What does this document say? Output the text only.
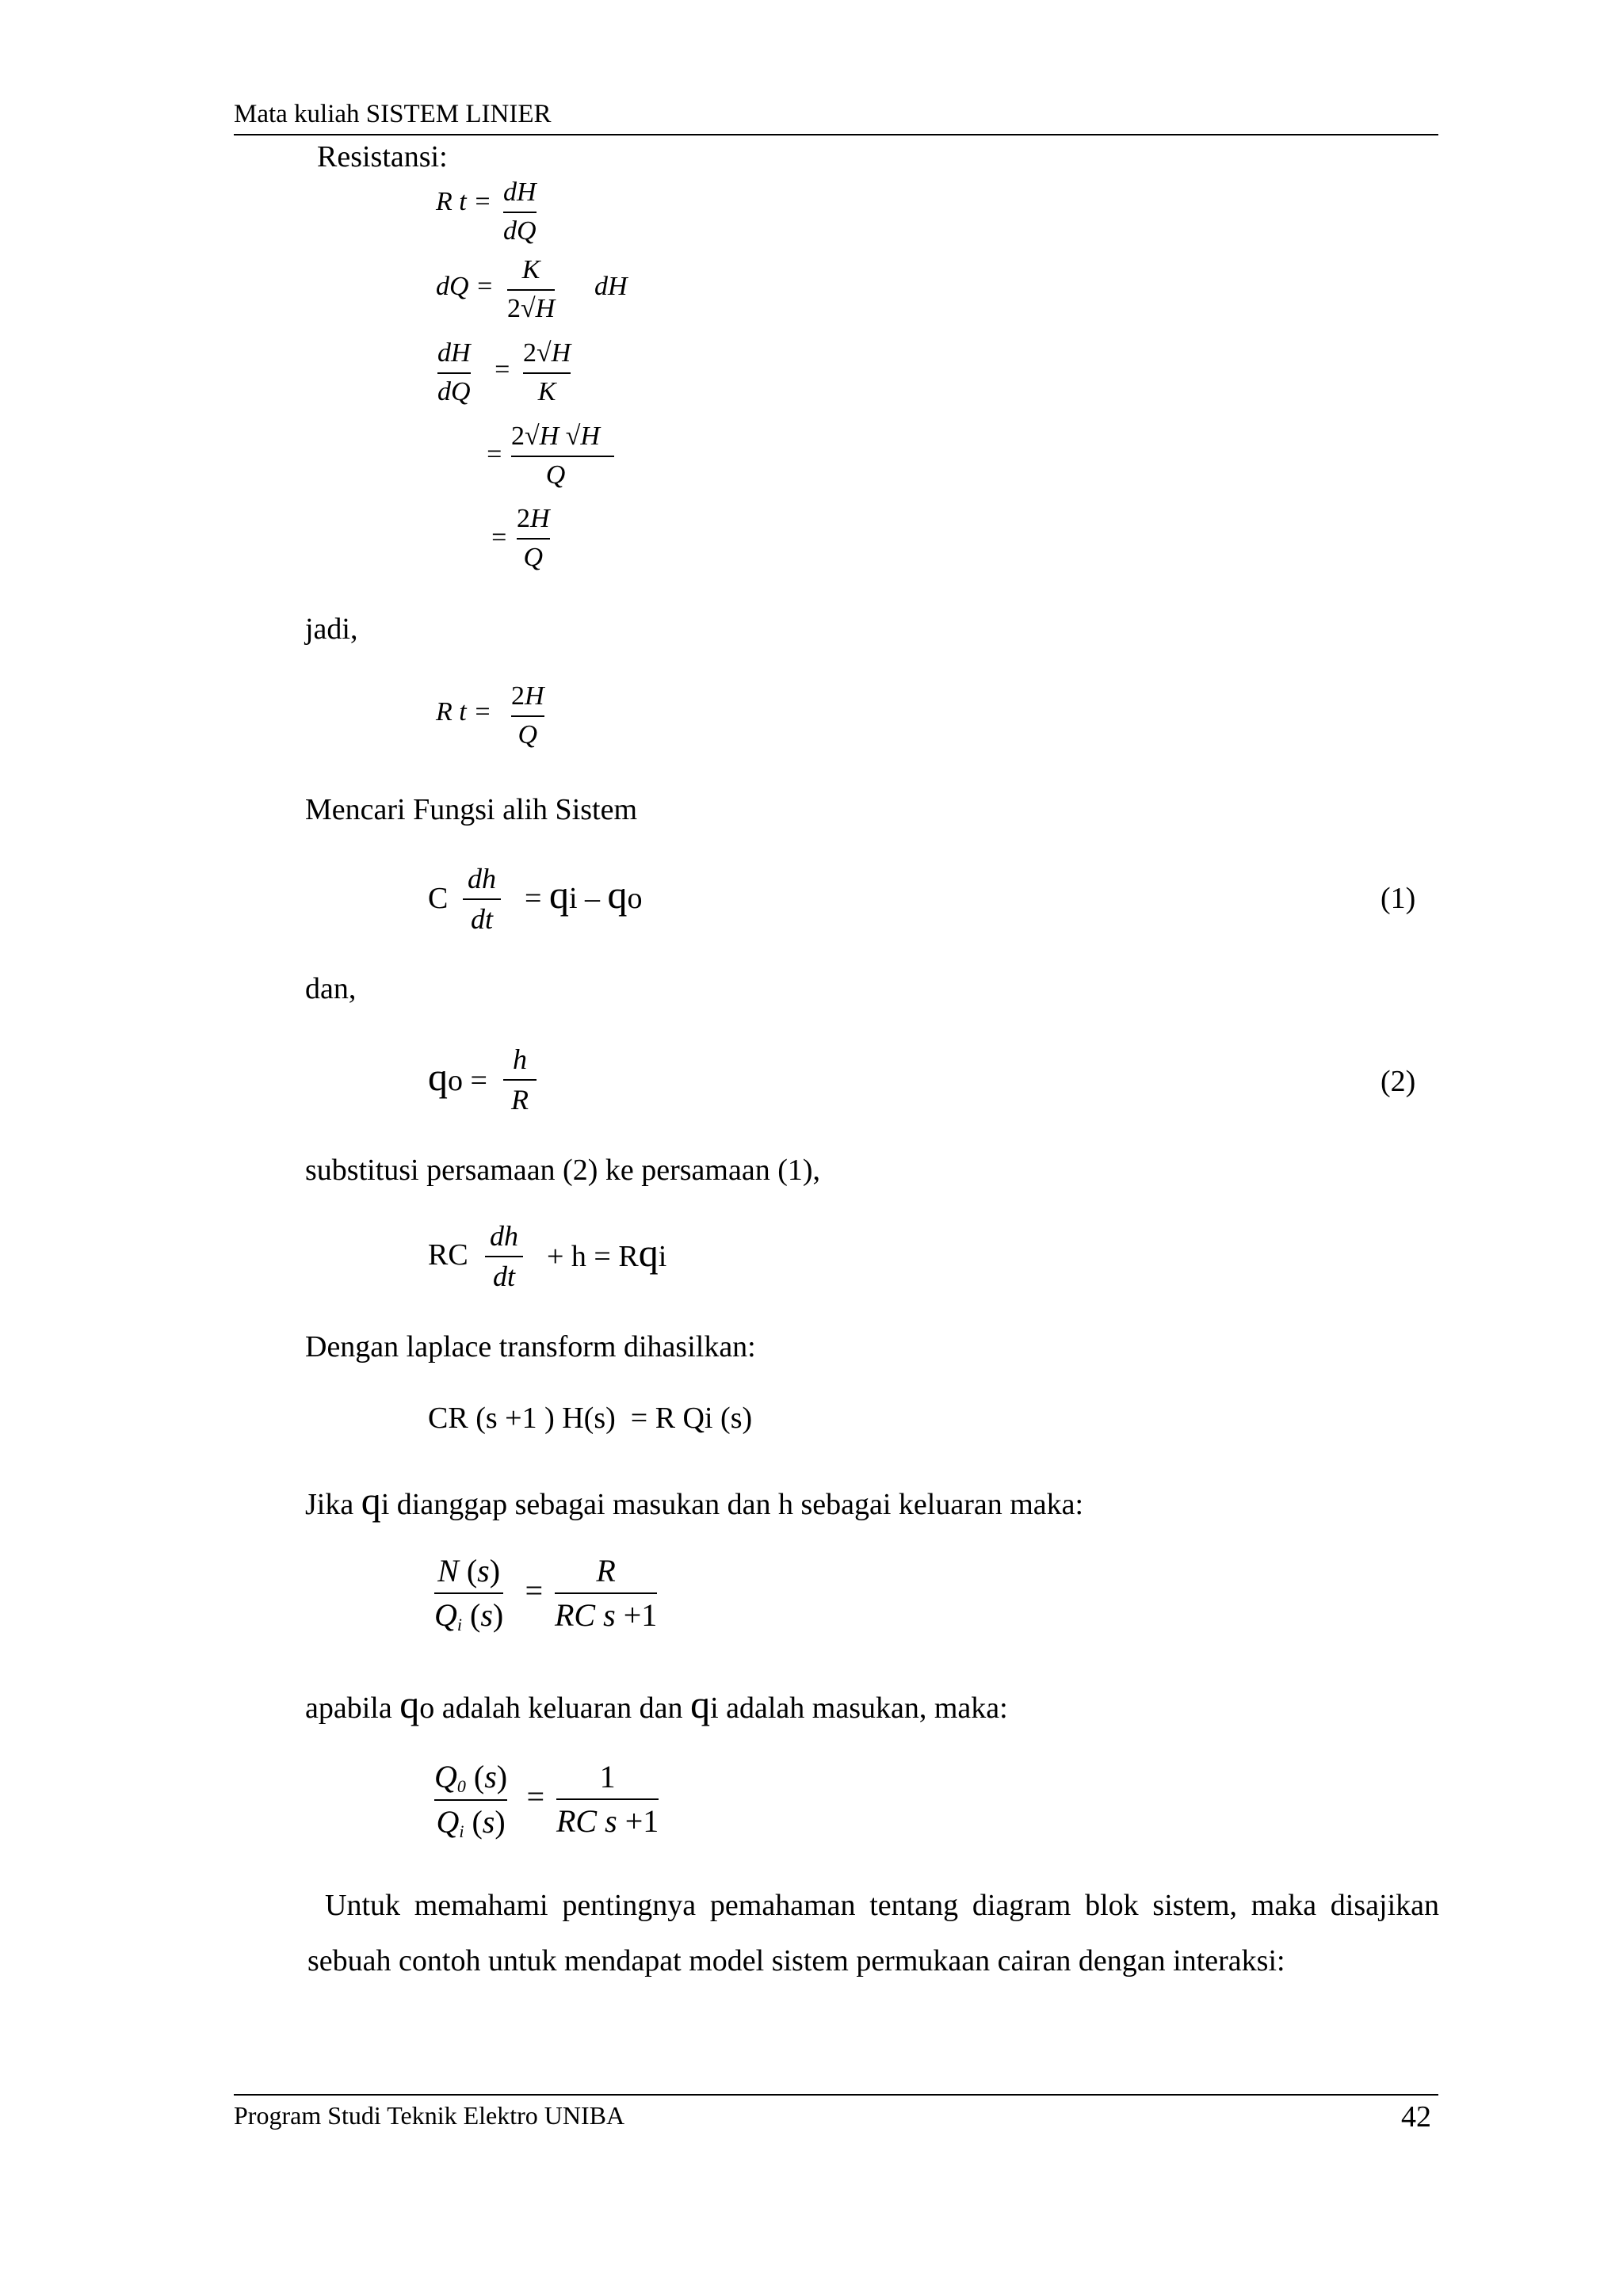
Mata kuliah SISTEM LINIER
Resistansi:
R t = dH
dQ
dQ =
K
2√H
dH
dH
dQ
=
2√H
K
=
2√H √H
Q
=
2H
Q
jadi,
R t =
2H
Q
Mencari Fungsi alih Sistem
C
dh
dt
= qi – qo	(1)
dan,
qo =
h
R
(2)
substitusi persamaan (2) ke persamaan (1),
RC
dh
dt
+ h = Rqi
Dengan laplace transform dihasilkan:
CR (s +1 ) H(s)  = R Qi (s)
Jika qi dianggap sebagai masukan dan h sebagai keluaran maka:
N (s)
$Q_i$ (s)
=
R
RC s +1
apabila qo adalah keluaran dan qi adalah masukan, maka:
$Q_0$ (s)
$Q_i$ (s)
=
1
RC s +1
Untuk memahami pentingnya pemahaman tentang diagram blok sistem, maka disajikan sebuah contoh untuk mendapat model sistem permukaan cairan dengan interaksi:
Program Studi Teknik Elektro UNIBA	42
